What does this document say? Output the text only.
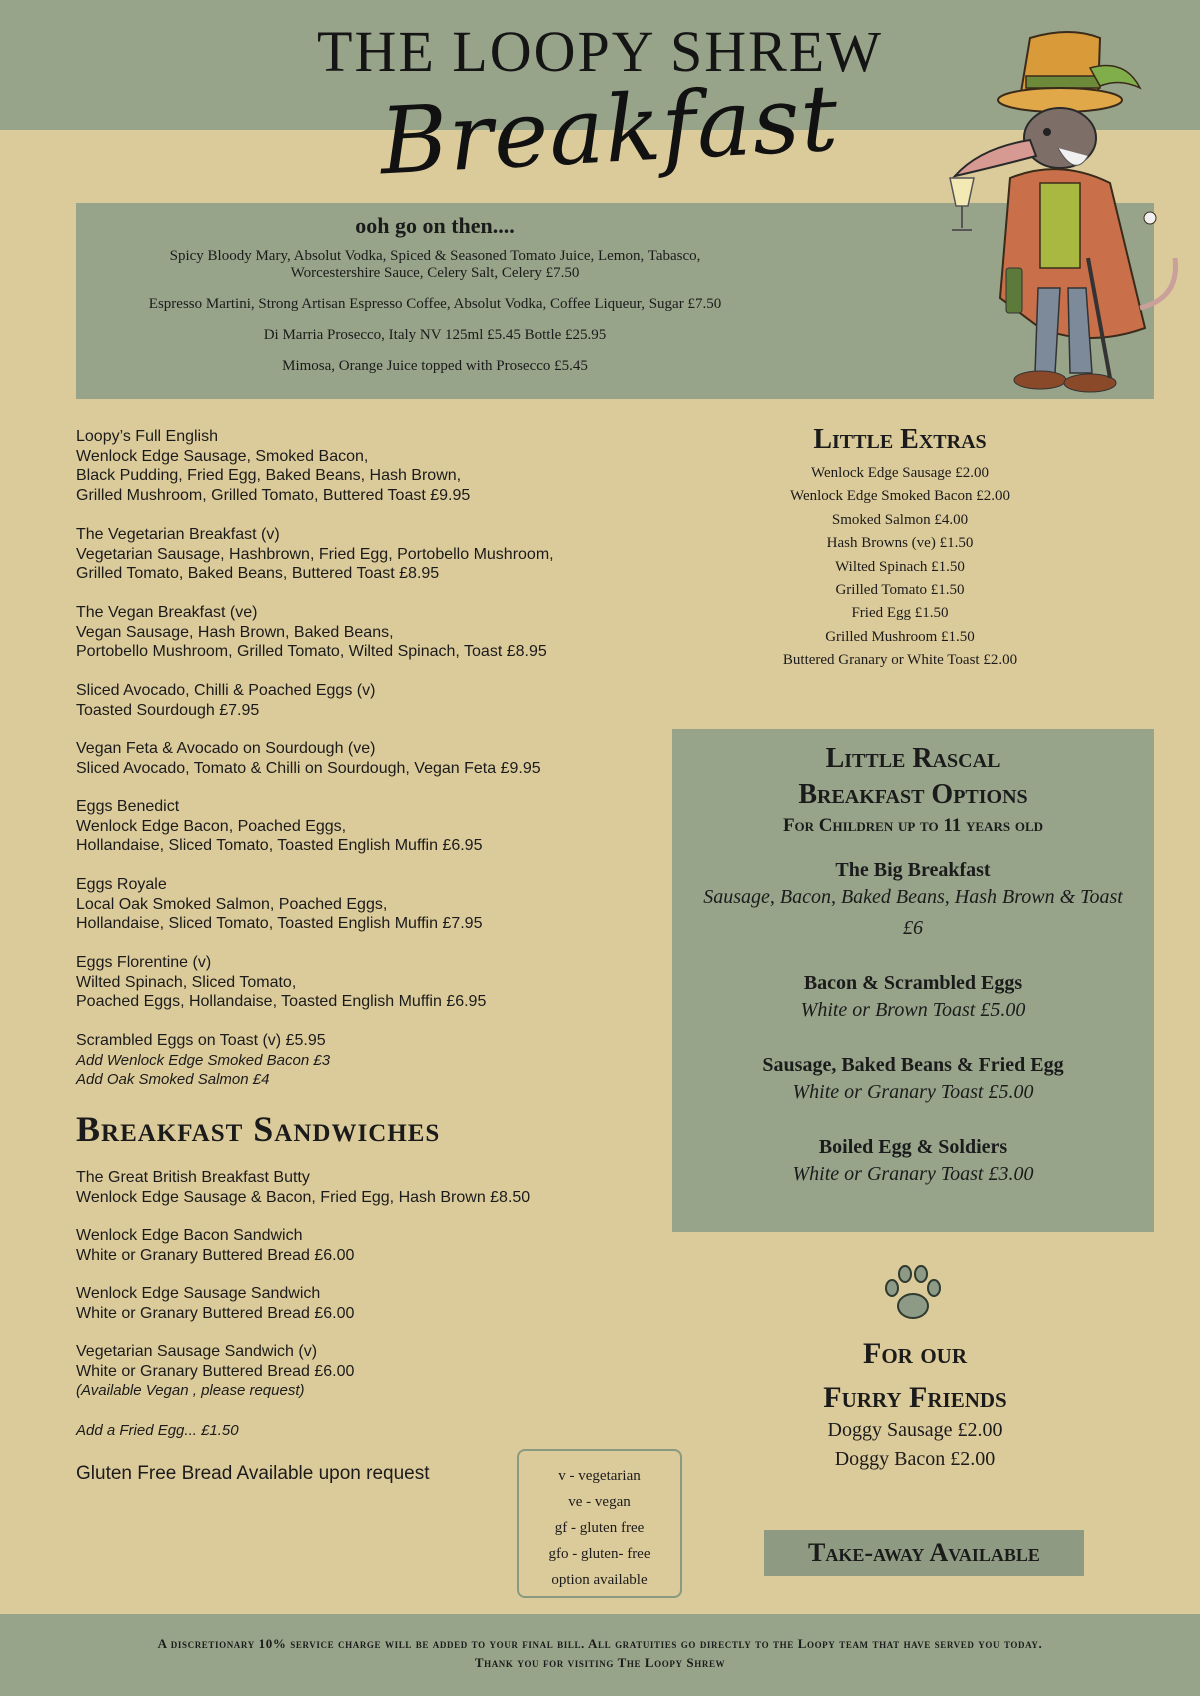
THE LOOPY SHREW
Breakfast
ooh go on then....
Spicy Bloody Mary, Absolut Vodka, Spiced & Seasoned Tomato Juice, Lemon, Tabasco,
Worcestershire Sauce, Celery Salt, Celery £7.50
Espresso Martini, Strong Artisan Espresso Coffee, Absolut Vodka, Coffee Liqueur, Sugar £7.50
Di Marria Prosecco, Italy NV 125ml £5.45 Bottle £25.95
Mimosa, Orange Juice topped with Prosecco £5.45
Loopy’s Full English
Wenlock Edge Sausage, Smoked Bacon,
Black Pudding, Fried Egg, Baked Beans, Hash Brown,
Grilled Mushroom, Grilled Tomato, Buttered Toast £9.95
The Vegetarian Breakfast (v)
Vegetarian Sausage, Hashbrown, Fried Egg, Portobello Mushroom,
Grilled Tomato, Baked Beans, Buttered Toast £8.95
The Vegan Breakfast (ve)
Vegan Sausage, Hash Brown, Baked Beans,
Portobello Mushroom, Grilled Tomato, Wilted Spinach, Toast £8.95
Sliced Avocado, Chilli & Poached Eggs (v)
Toasted Sourdough £7.95
Vegan Feta & Avocado on Sourdough (ve)
Sliced Avocado, Tomato & Chilli on Sourdough, Vegan Feta £9.95
Eggs Benedict
Wenlock Edge Bacon, Poached Eggs,
Hollandaise, Sliced Tomato, Toasted English Muffin £6.95
Eggs Royale
Local Oak Smoked Salmon, Poached Eggs,
Hollandaise, Sliced Tomato, Toasted English Muffin £7.95
Eggs Florentine (v)
Wilted Spinach, Sliced Tomato,
Poached Eggs, Hollandaise, Toasted English Muffin £6.95
Scrambled Eggs on Toast (v) £5.95
Add Wenlock Edge Smoked Bacon £3
Add Oak Smoked Salmon £4
Breakfast Sandwiches
The Great British Breakfast Butty
Wenlock Edge Sausage & Bacon, Fried Egg, Hash Brown £8.50
Wenlock Edge Bacon Sandwich
White or Granary Buttered Bread £6.00
Wenlock Edge Sausage Sandwich
White or Granary Buttered Bread £6.00
Vegetarian Sausage Sandwich (v)
White or Granary Buttered Bread £6.00
(Available Vegan , please request)
Add a Fried Egg... £1.50
Gluten Free Bread Available upon request	v - vegetarian
ve - vegan
gf - gluten free
gfo - gluten- free
option available
Little Extras
Wenlock Edge Sausage £2.00
Wenlock Edge Smoked Bacon £2.00
Smoked Salmon £4.00
Hash Browns (ve) £1.50
Wilted Spinach £1.50
Grilled Tomato £1.50
Fried Egg £1.50
Grilled Mushroom £1.50
Buttered Granary or White Toast £2.00
Little Rascal
Breakfast Options
For Children up to 11 years old
The Big Breakfast
Sausage, Bacon, Baked Beans, Hash Brown & Toast
£6
Bacon & Scrambled Eggs
White or Brown Toast £5.00
Sausage, Baked Beans & Fried Egg
White or Granary Toast £5.00
Boiled Egg & Soldiers
White or Granary Toast £3.00
For our
Furry Friends
Doggy Sausage £2.00
Doggy Bacon £2.00
Take-away Available
A discretionary 10% service charge will be added to your final bill. All gratuities go directly to the Loopy team that have served you today.
Thank you for visiting The Loopy Shrew
